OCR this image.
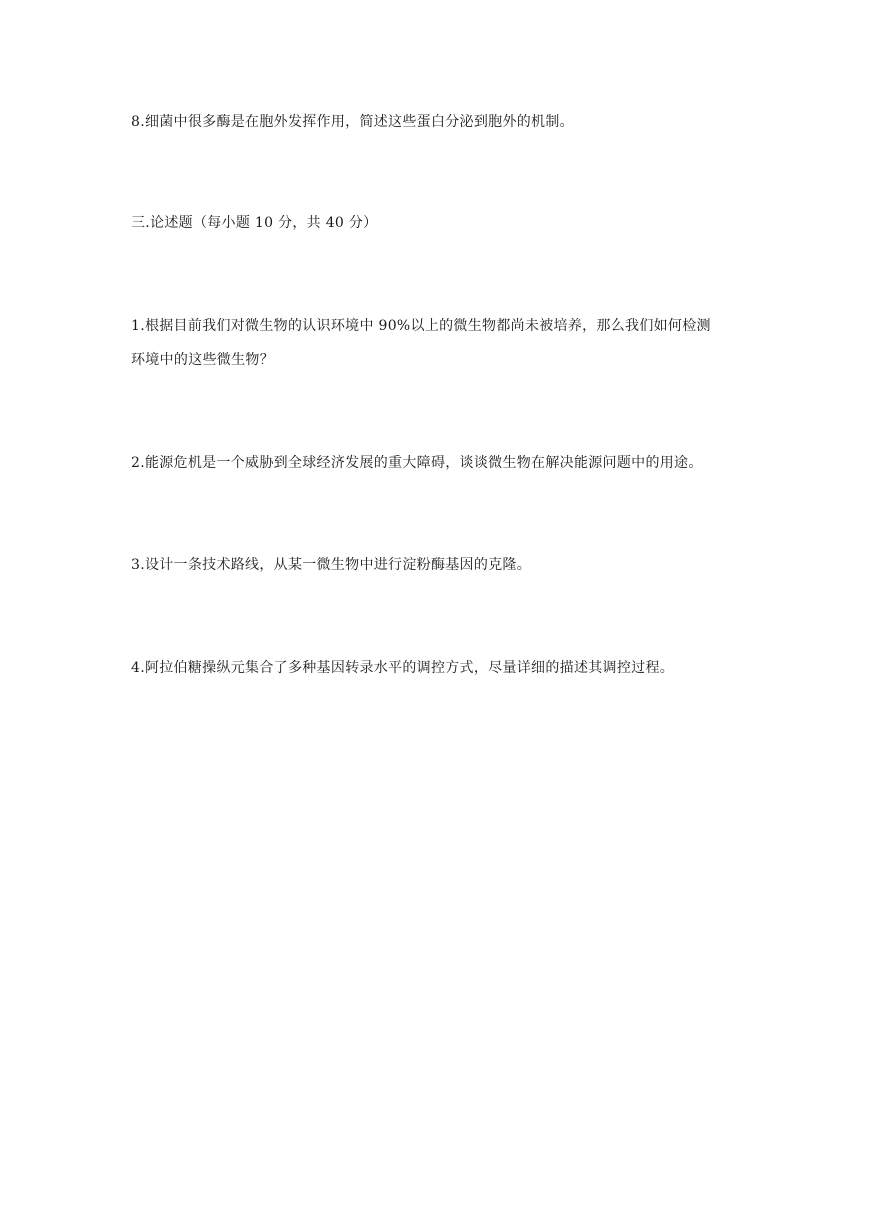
8.细菌中很多酶是在胞外发挥作用，简述这些蛋白分泌到胞外的机制。
三.论述题（每小题 10 分，共 40 分）
1.根据目前我们对微生物的认识环境中 90%以上的微生物都尚未被培养，那么我们如何检测
环境中的这些微生物？
2.能源危机是一个威胁到全球经济发展的重大障碍，谈谈微生物在解决能源问题中的用途。
3.设计一条技术路线，从某一微生物中进行淀粉酶基因的克隆。
4.阿拉伯糖操纵元集合了多种基因转录水平的调控方式，尽量详细的描述其调控过程。
